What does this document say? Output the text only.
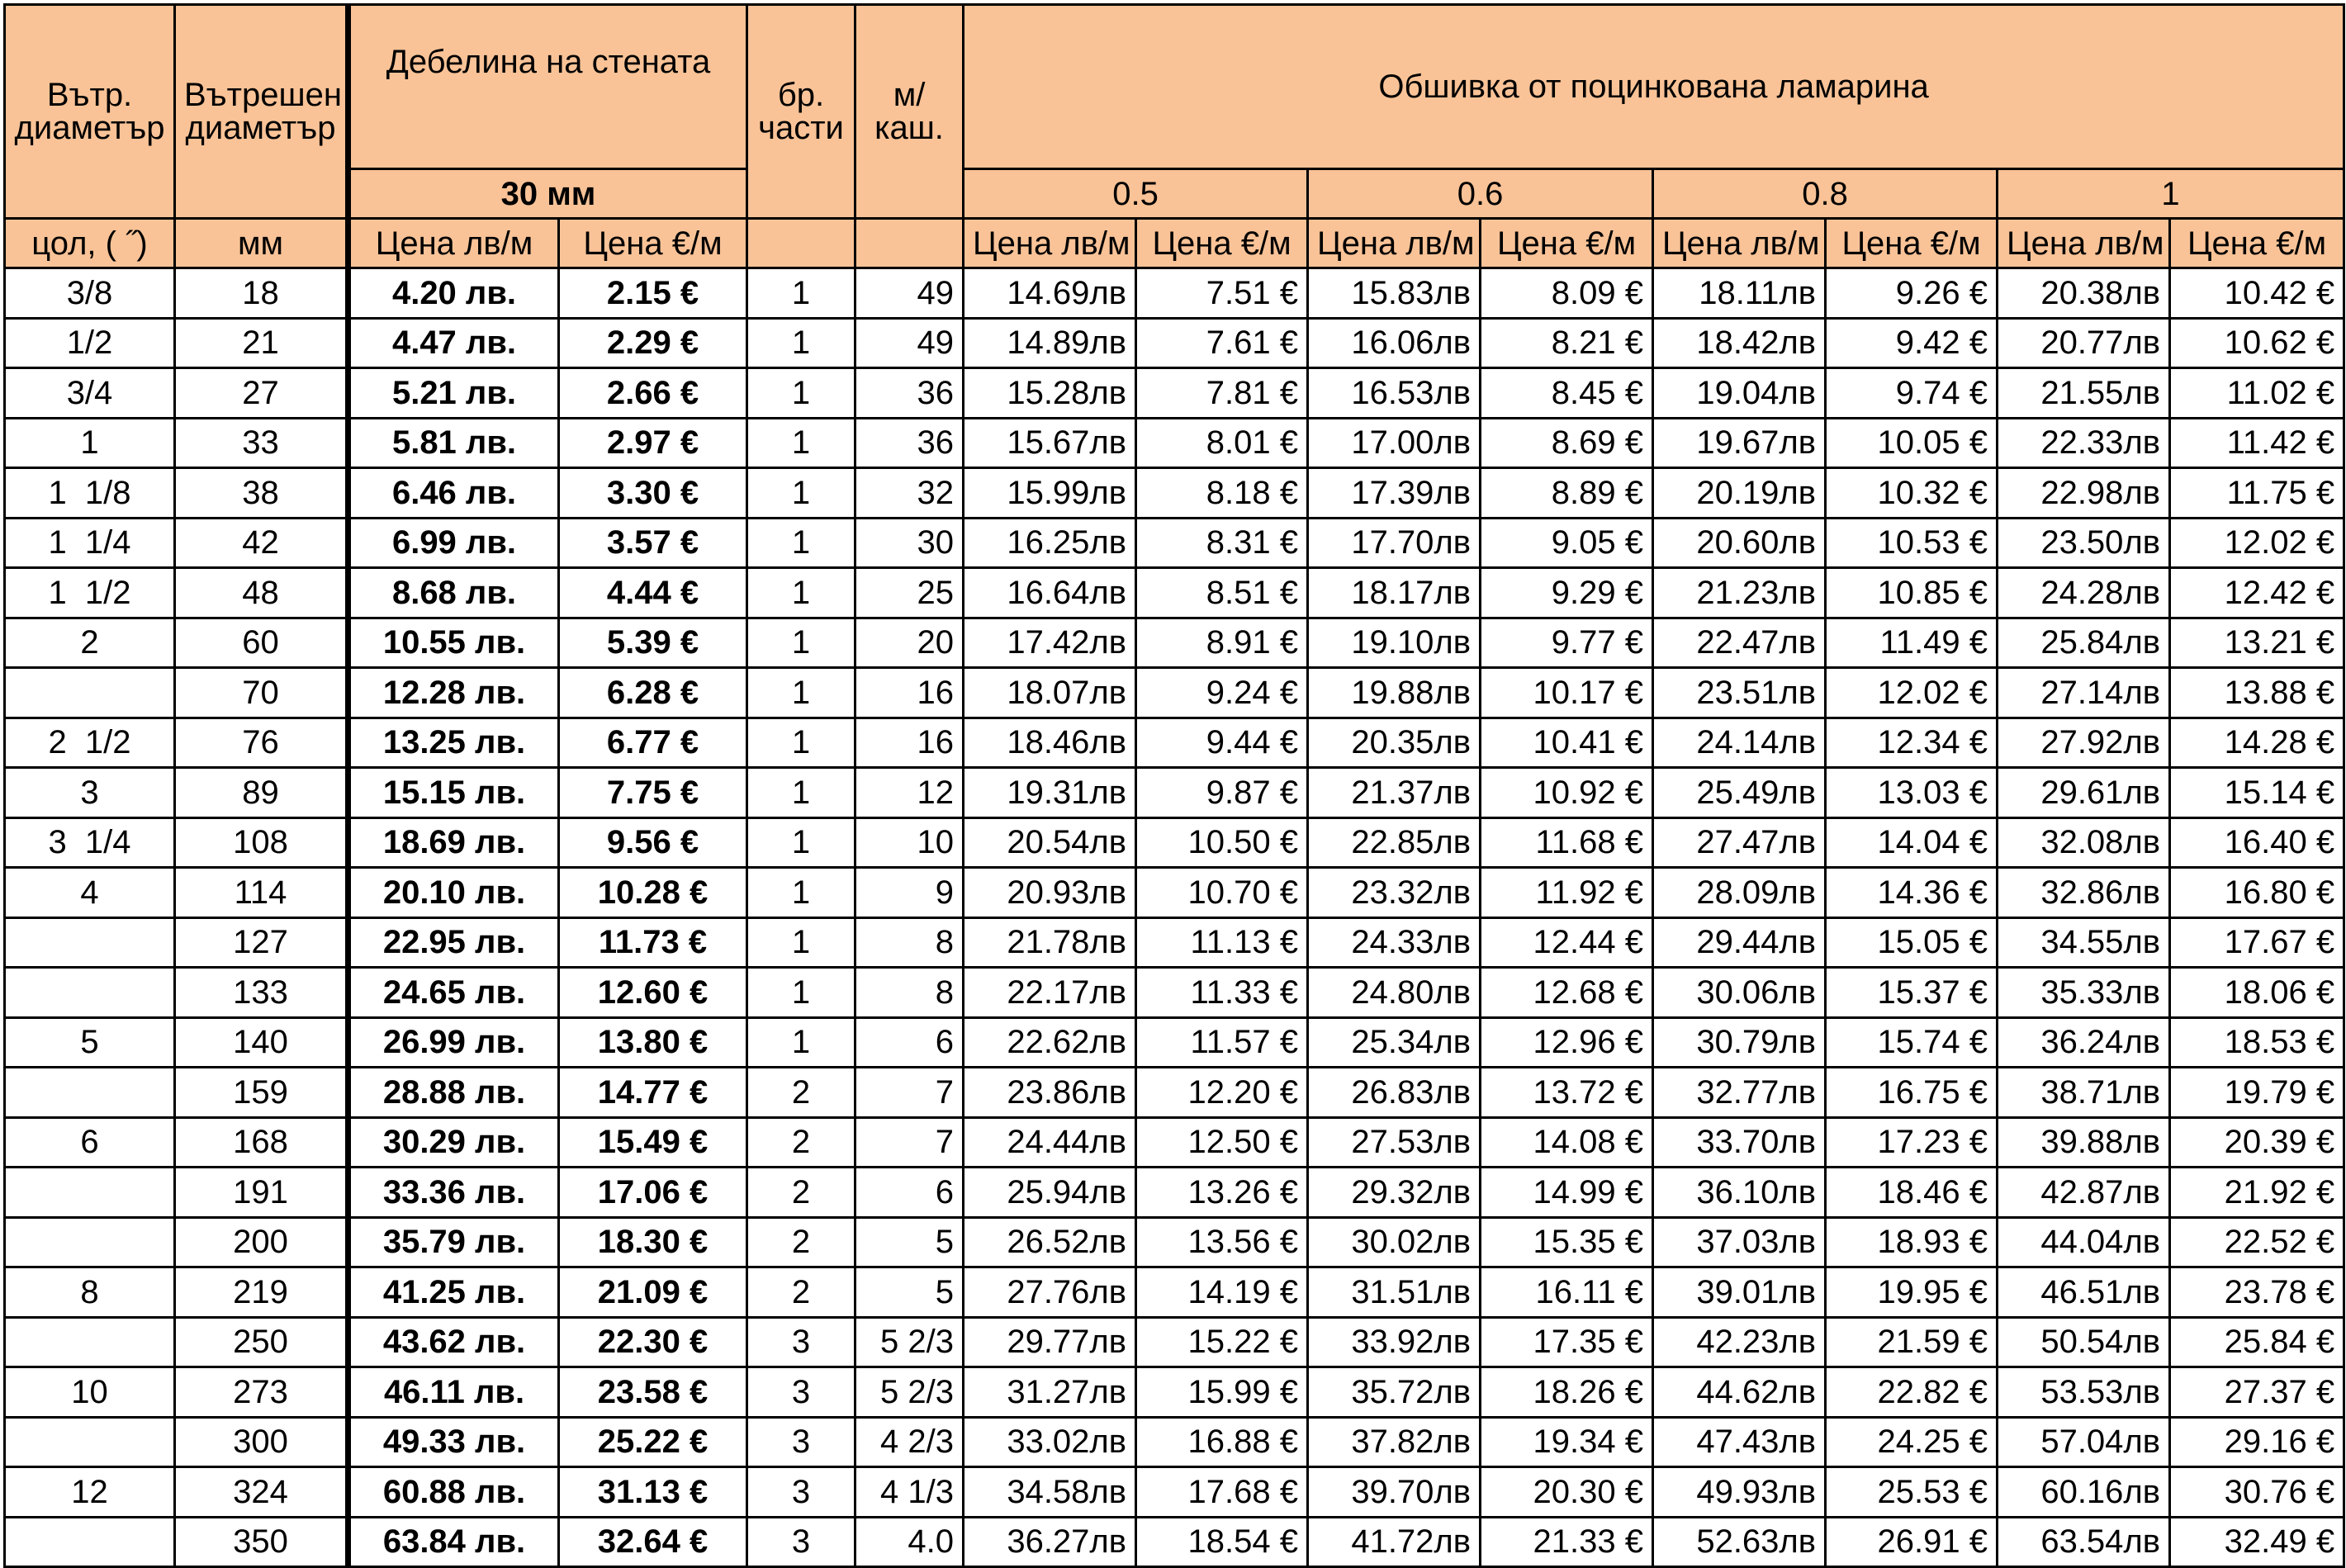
Вътр. диаметър	Вътрешен диаметър	Дебелина на стената		бр. части	м/ каш.	Обшивка от поцинкована ламарина							
		30 мм				0.5		0.6		0.8		1	
цол, ( ˝)	мм	Цена лв/м	Цена €/м			Цена лв/м	Цена €/м	Цена лв/м	Цена €/м	Цена лв/м	Цена €/м	Цена лв/м	Цена €/м
3/8	18	4.20 лв.	2.15 €	1	49	14.69лв	7.51 €	15.83лв	8.09 €	18.11лв	9.26 €	20.38лв	10.42 €
1/2	21	4.47 лв.	2.29 €	1	49	14.89лв	7.61 €	16.06лв	8.21 €	18.42лв	9.42 €	20.77лв	10.62 €
3/4	27	5.21 лв.	2.66 €	1	36	15.28лв	7.81 €	16.53лв	8.45 €	19.04лв	9.74 €	21.55лв	11.02 €
1	33	5.81 лв.	2.97 €	1	36	15.67лв	8.01 €	17.00лв	8.69 €	19.67лв	10.05 €	22.33лв	11.42 €
1  1/8	38	6.46 лв.	3.30 €	1	32	15.99лв	8.18 €	17.39лв	8.89 €	20.19лв	10.32 €	22.98лв	11.75 €
1  1/4	42	6.99 лв.	3.57 €	1	30	16.25лв	8.31 €	17.70лв	9.05 €	20.60лв	10.53 €	23.50лв	12.02 €
1  1/2	48	8.68 лв.	4.44 €	1	25	16.64лв	8.51 €	18.17лв	9.29 €	21.23лв	10.85 €	24.28лв	12.42 €
2	60	10.55 лв.	5.39 €	1	20	17.42лв	8.91 €	19.10лв	9.77 €	22.47лв	11.49 €	25.84лв	13.21 €
	70	12.28 лв.	6.28 €	1	16	18.07лв	9.24 €	19.88лв	10.17 €	23.51лв	12.02 €	27.14лв	13.88 €
2  1/2	76	13.25 лв.	6.77 €	1	16	18.46лв	9.44 €	20.35лв	10.41 €	24.14лв	12.34 €	27.92лв	14.28 €
3	89	15.15 лв.	7.75 €	1	12	19.31лв	9.87 €	21.37лв	10.92 €	25.49лв	13.03 €	29.61лв	15.14 €
3  1/4	108	18.69 лв.	9.56 €	1	10	20.54лв	10.50 €	22.85лв	11.68 €	27.47лв	14.04 €	32.08лв	16.40 €
4	114	20.10 лв.	10.28 €	1	9	20.93лв	10.70 €	23.32лв	11.92 €	28.09лв	14.36 €	32.86лв	16.80 €
	127	22.95 лв.	11.73 €	1	8	21.78лв	11.13 €	24.33лв	12.44 €	29.44лв	15.05 €	34.55лв	17.67 €
	133	24.65 лв.	12.60 €	1	8	22.17лв	11.33 €	24.80лв	12.68 €	30.06лв	15.37 €	35.33лв	18.06 €
5	140	26.99 лв.	13.80 €	1	6	22.62лв	11.57 €	25.34лв	12.96 €	30.79лв	15.74 €	36.24лв	18.53 €
	159	28.88 лв.	14.77 €	2	7	23.86лв	12.20 €	26.83лв	13.72 €	32.77лв	16.75 €	38.71лв	19.79 €
6	168	30.29 лв.	15.49 €	2	7	24.44лв	12.50 €	27.53лв	14.08 €	33.70лв	17.23 €	39.88лв	20.39 €
	191	33.36 лв.	17.06 €	2	6	25.94лв	13.26 €	29.32лв	14.99 €	36.10лв	18.46 €	42.87лв	21.92 €
	200	35.79 лв.	18.30 €	2	5	26.52лв	13.56 €	30.02лв	15.35 €	37.03лв	18.93 €	44.04лв	22.52 €
8	219	41.25 лв.	21.09 €	2	5	27.76лв	14.19 €	31.51лв	16.11 €	39.01лв	19.95 €	46.51лв	23.78 €
	250	43.62 лв.	22.30 €	3	5 2/3	29.77лв	15.22 €	33.92лв	17.35 €	42.23лв	21.59 €	50.54лв	25.84 €
10	273	46.11 лв.	23.58 €	3	5 2/3	31.27лв	15.99 €	35.72лв	18.26 €	44.62лв	22.82 €	53.53лв	27.37 €
	300	49.33 лв.	25.22 €	3	4 2/3	33.02лв	16.88 €	37.82лв	19.34 €	47.43лв	24.25 €	57.04лв	29.16 €
12	324	60.88 лв.	31.13 €	3	4 1/3	34.58лв	17.68 €	39.70лв	20.30 €	49.93лв	25.53 €	60.16лв	30.76 €
	350	63.84 лв.	32.64 €	3	4.0	36.27лв	18.54 €	41.72лв	21.33 €	52.63лв	26.91 €	63.54лв	32.49 €
